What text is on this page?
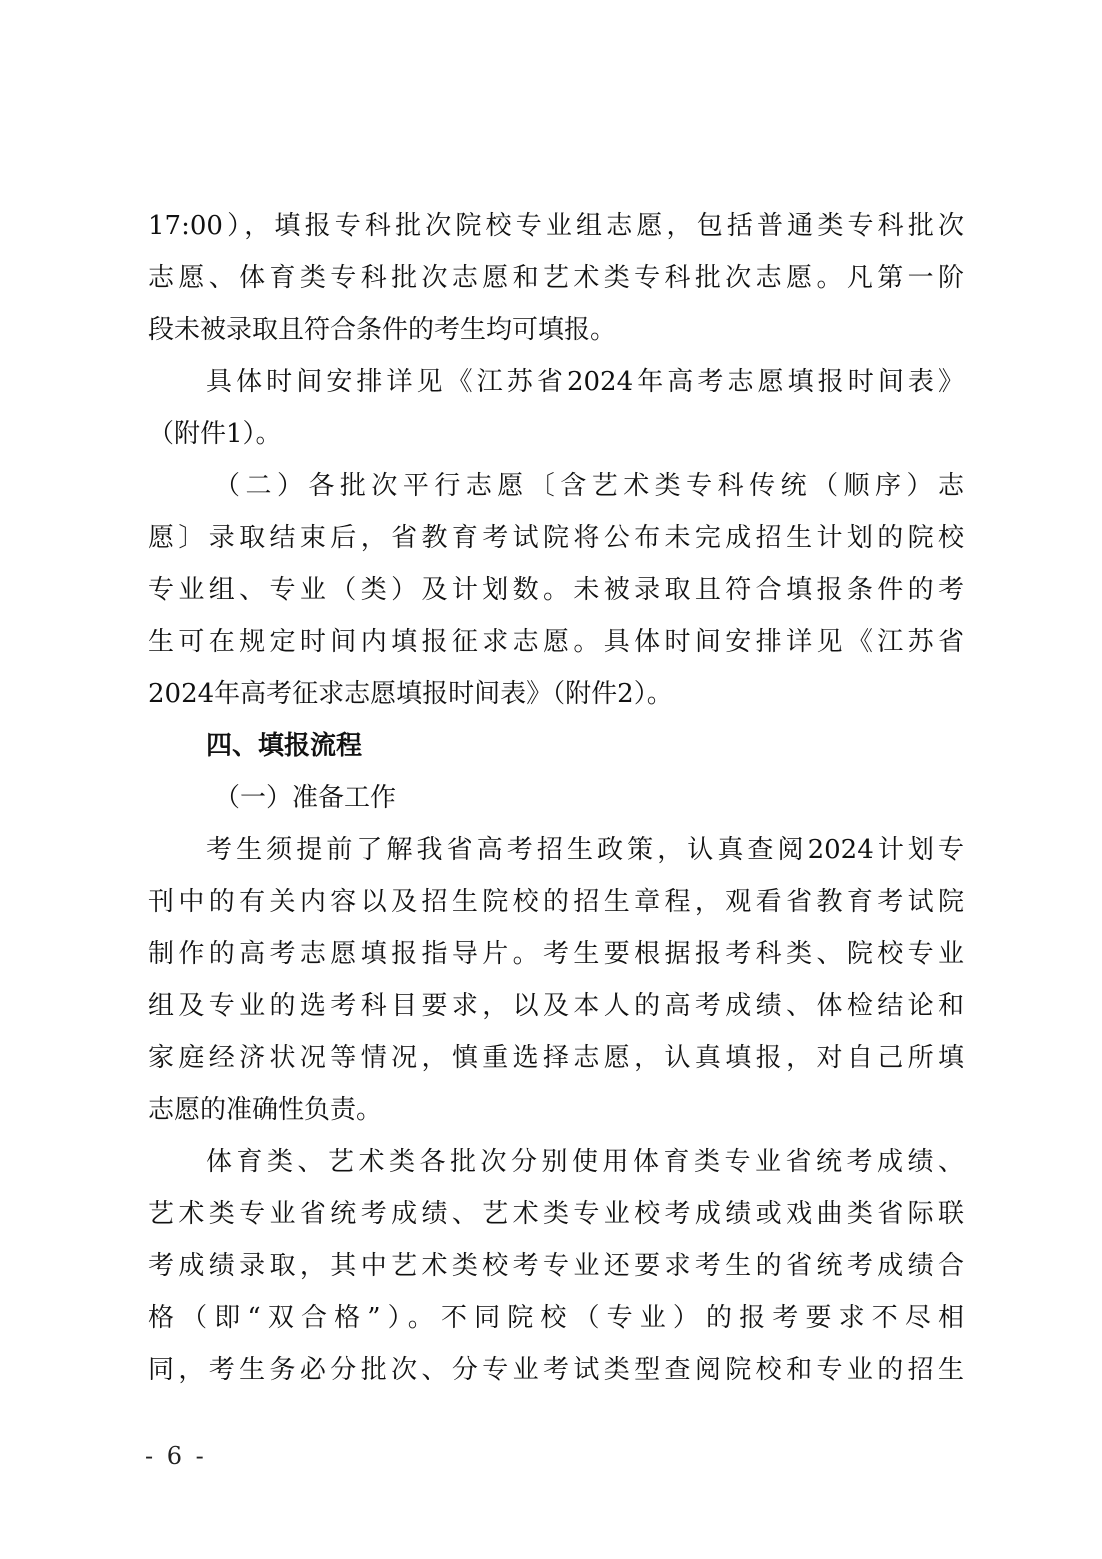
17:00），填报专科批次院校专业组志愿，包括普通类专科批次
志愿、体育类专科批次志愿和艺术类专科批次志愿。凡第一阶
段未被录取且符合条件的考生均可填报。
具体时间安排详见《江苏省2024年高考志愿填报时间表》
（附件1）。
（二）各批次平行志愿〔含艺术类专科传统（顺序）志
愿〕录取结束后，省教育考试院将公布未完成招生计划的院校
专业组、专业（类）及计划数。未被录取且符合填报条件的考
生可在规定时间内填报征求志愿。具体时间安排详见《江苏省
2024年高考征求志愿填报时间表》（附件2）。
四、填报流程
（一）准备工作
考生须提前了解我省高考招生政策，认真查阅2024计划专
刊中的有关内容以及招生院校的招生章程，观看省教育考试院
制作的高考志愿填报指导片。考生要根据报考科类、院校专业
组及专业的选考科目要求，以及本人的高考成绩、体检结论和
家庭经济状况等情况，慎重选择志愿，认真填报，对自己所填
志愿的准确性负责。
体育类、艺术类各批次分别使用体育类专业省统考成绩、
艺术类专业省统考成绩、艺术类专业校考成绩或戏曲类省际联
考成绩录取，其中艺术类校考专业还要求考生的省统考成绩合
格（即“双合格”）。不同院校（专业）的报考要求不尽相
同，考生务必分批次、分专业考试类型查阅院校和专业的招生
- 6 -
